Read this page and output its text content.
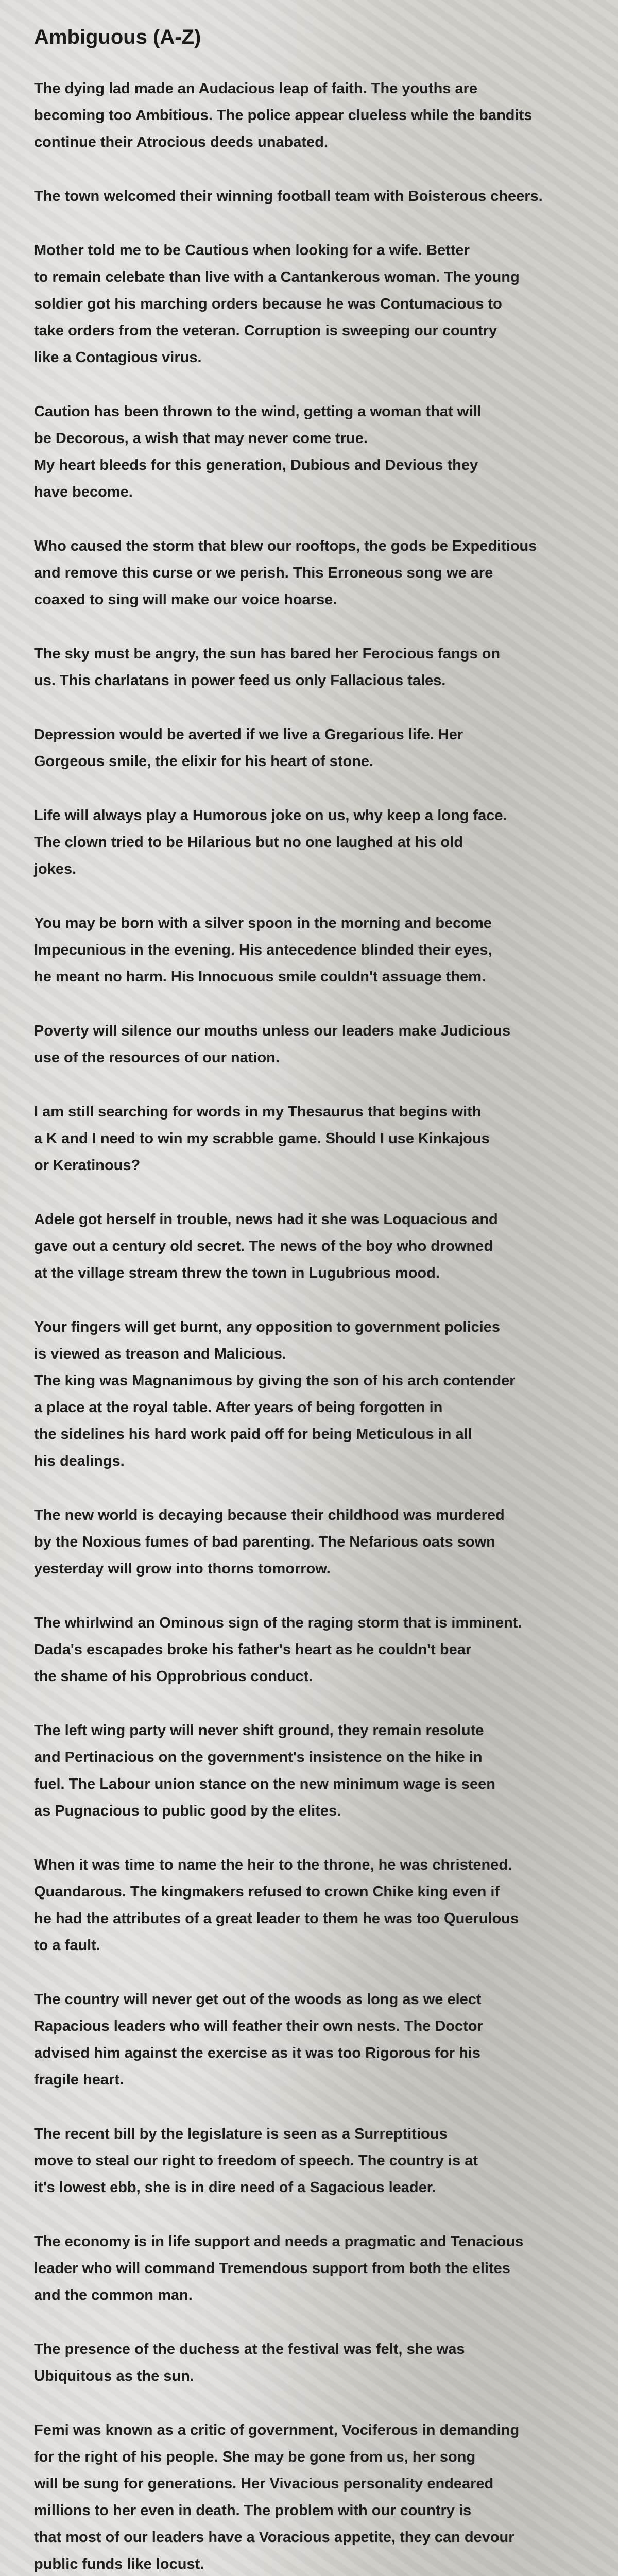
Ambiguous (A-Z)
The dying lad made an Audacious leap of faith. The youths are
becoming too Ambitious. The police appear clueless while the bandits
continue their Atrocious deeds unabated.
The town welcomed their winning football team with Boisterous cheers.
Mother told me to be Cautious when looking for a wife. Better
to remain celebate than live with a Cantankerous woman. The young
soldier got his marching orders because he was Contumacious to
take orders from the veteran. Corruption is sweeping our country
like a Contagious virus.
Caution has been thrown to the wind, getting a woman that will
be Decorous, a wish that may never come true.
My heart bleeds for this generation, Dubious and Devious they
have become.
Who caused the storm that blew our rooftops, the gods be Expeditious
and remove this curse or we perish. This Erroneous song we are
coaxed to sing will make our voice hoarse.
The sky must be angry, the sun has bared her Ferocious fangs on
us. This charlatans in power feed us only Fallacious tales.
Depression would be averted if we live a Gregarious life. Her
Gorgeous smile, the elixir for his heart of stone.
Life will always play a Humorous joke on us, why keep a long face.
The clown tried to be Hilarious but no one laughed at his old
jokes.
You may be born with a silver spoon in the morning and become
Impecunious in the evening. His antecedence blinded their eyes,
he meant no harm. His Innocuous smile couldn't assuage them.
Poverty will silence our mouths unless our leaders make Judicious
use of the resources of our nation.
I am still searching for words in my Thesaurus that begins with
a K and I need to win my scrabble game. Should I use Kinkajous
or Keratinous?
Adele got herself in trouble, news had it she was Loquacious and
gave out a century old secret. The news of the boy who drowned
at the village stream threw the town in Lugubrious mood.
Your fingers will get burnt, any opposition to government policies
is viewed as treason and Malicious.
The king was Magnanimous by giving the son of his arch contender
a place at the royal table. After years of being forgotten in
the sidelines his hard work paid off for being Meticulous in all
his dealings.
The new world is decaying because their childhood was murdered
by the Noxious fumes of bad parenting. The Nefarious oats sown
yesterday will grow into thorns tomorrow.
The whirlwind an Ominous sign of the raging storm that is imminent.
Dada's escapades broke his father's heart as he couldn't bear
the shame of his Opprobrious conduct.
The left wing party will never shift ground, they remain resolute
and Pertinacious on the government's insistence on the hike in
fuel. The Labour union stance on the new minimum wage is seen
as Pugnacious to public good by the elites.
When it was time to name the heir to the throne, he was christened.
Quandarous. The kingmakers refused to crown Chike king even if
he had the attributes of a great leader to them he was too Querulous
to a fault.
The country will never get out of the woods as long as we elect
Rapacious leaders who will feather their own nests. The Doctor
advised him against the exercise as it was too Rigorous for his
fragile heart.
The recent bill by the legislature is seen as a Surreptitious
move to steal our right to freedom of speech. The country is at
it's lowest ebb, she is in dire need of a Sagacious leader.
The economy is in life support and needs a pragmatic and Tenacious
leader who will command Tremendous support from both the elites
and the common man.
The presence of the duchess at the festival was felt, she was
Ubiquitous as the sun.
Femi was known as a critic of government, Vociferous in demanding
for the right of his people. She may be gone from us, her song
will be sung for generations. Her Vivacious personality endeared
millions to her even in death. The problem with our country is
that most of our leaders have a Voracious appetite, they can devour
public funds like locust.
